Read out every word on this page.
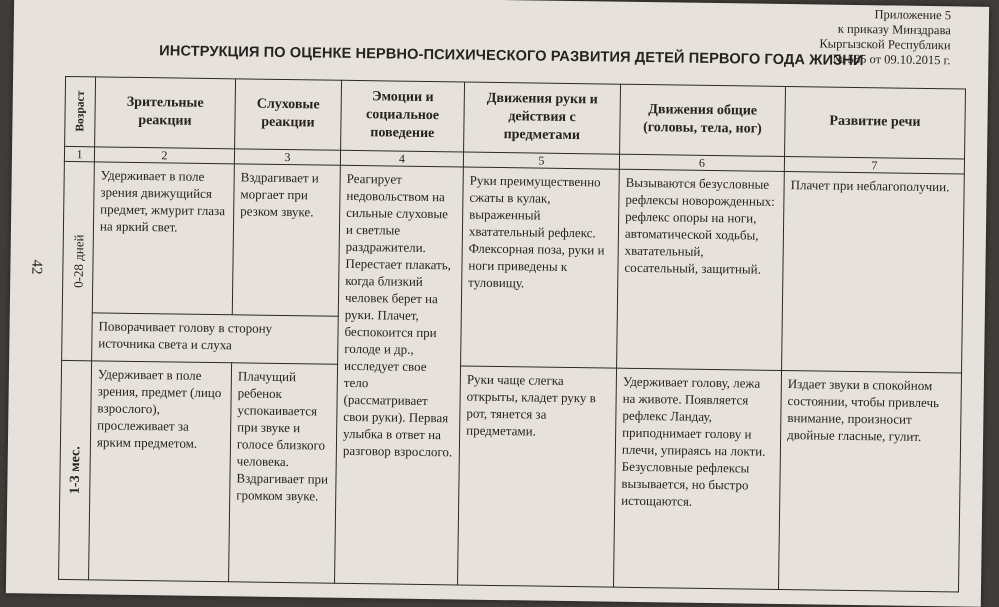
Приложение 5
к приказу Минздрава
Кыргызской Республики
№ 585 от 09.10.2015 г.
ИНСТРУКЦИЯ ПО ОЦЕНКЕ НЕРВНО-ПСИХИЧЕСКОГО РАЗВИТИЯ ДЕТЕЙ ПЕРВОГО ГОДА ЖИЗНИ
42
Возраст	Зрительные реакции	Слуховые реакции	Эмоции и социальное поведение	Движения руки и действия с предметами	Движения общие (головы, тела, ног)	Развитие речи
1	2	3	4	5	6	7

0-28 дней	Удерживает в поле зрения движущийся предмет, жмурит глаза на яркий свет.	Вздрагивает и моргает при резком звуке.	Реагирует недовольством на сильные слуховые и светлые раздражители. Перестает плакать, когда близкий человек берет на руки. Плачет, беспокоится при голоде и др., исследует свое тело (рассматривает свои руки). Первая улыбка в ответ на разговор взрослого.	Руки преимущественно сжаты в кулак, выраженный хватательный рефлекс. Флексорная поза, руки и ноги приведены к туловищу.	Вызываются безусловные рефлексы новорожденных: рефлекс опоры на ноги, автоматической ходьбы, хватательный, сосательный, защитный.	Плачет при неблагополучии.
	Поворачивает голову в сторону источника света и слуха					

1-3 мес.	Удерживает в поле зрения, предмет (лицо взрослого), прослеживает за ярким предметом.	Плачущий ребенок успокаивается при звуке и голосе близкого человека. Вздрагивает при громком звуке.		Руки чаще слегка открыты, кладет руку в рот, тянется за предметами.	Удерживает голову, лежа на животе. Появляется рефлекс Ландау, приподнимает голову и плечи, упираясь на локти. Безусловные рефлексы вызывается, но быстро истощаются.	Издает звуки в спокойном состоянии, чтобы привлечь внимание, произносит двойные гласные, гулит.
